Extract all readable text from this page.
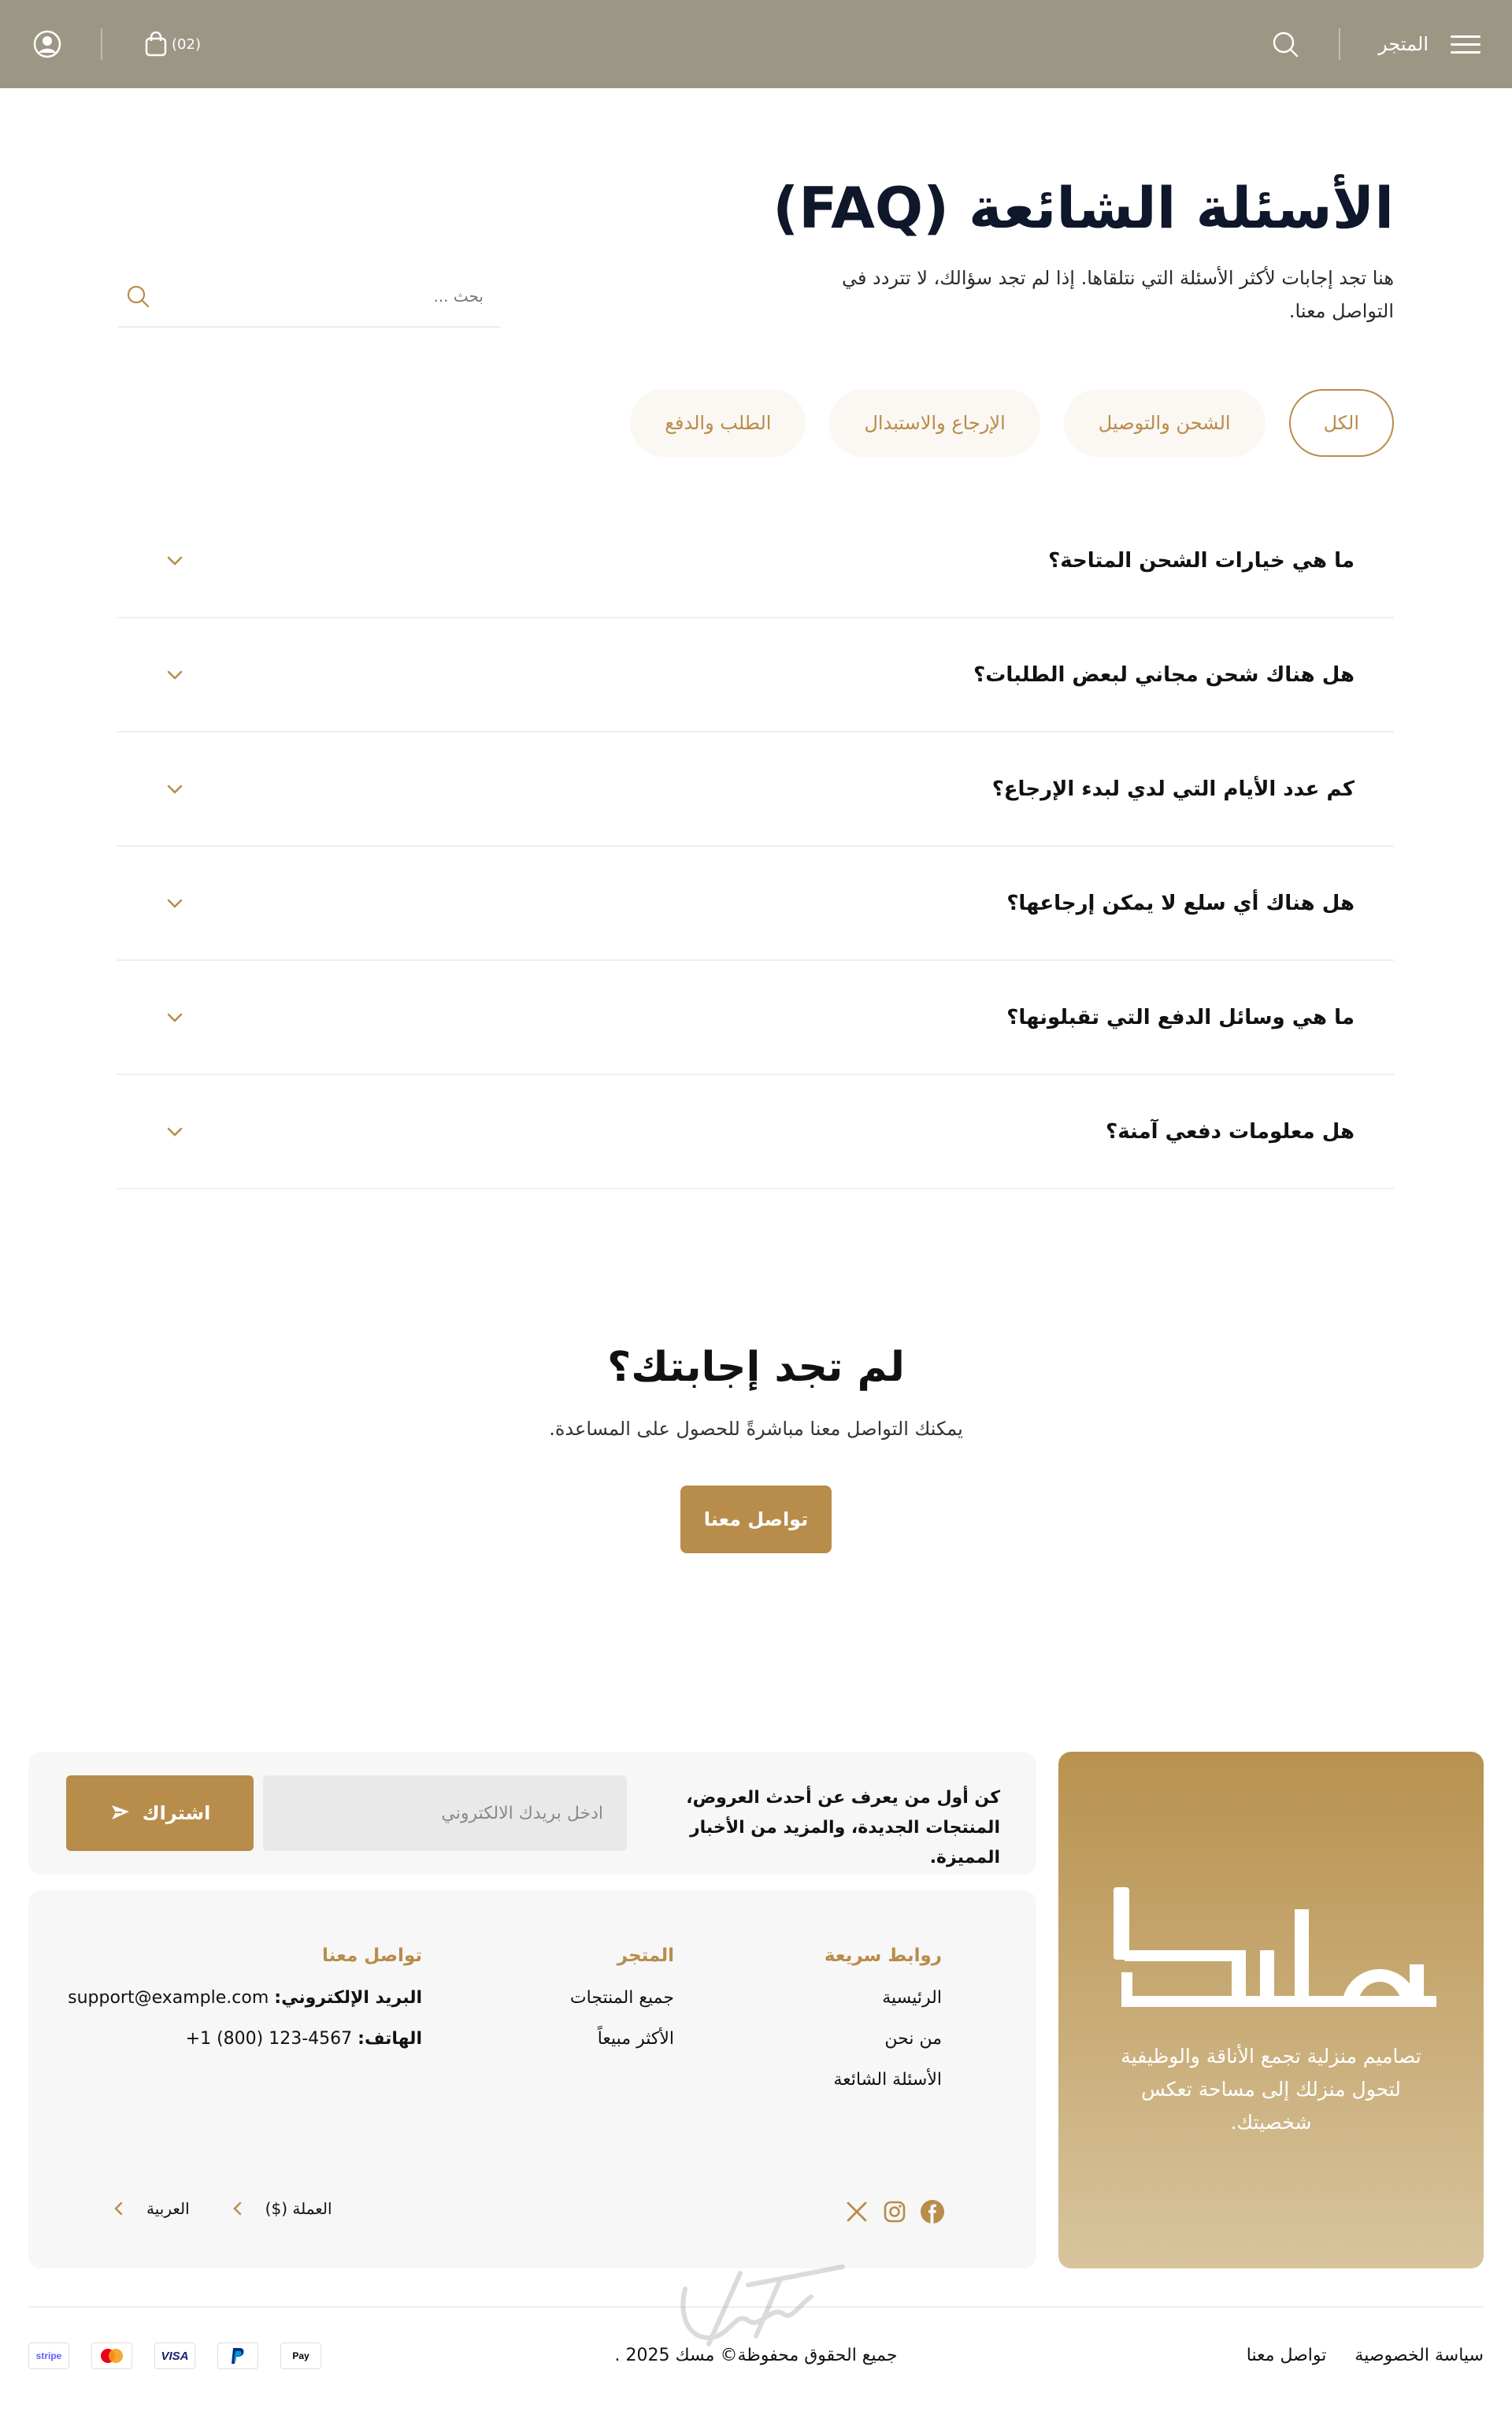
المتجر
(02)
الأسئلة الشائعة (FAQ)

هنا تجد إجابات لأكثر الأسئلة التي نتلقاها. إذا لم تجد سؤالك، لا تتردد في التواصل معنا.

بحث ...
الكل
الشحن والتوصيل
الإرجاع والاستبدال
الطلب والدفع
ما هي خيارات الشحن المتاحة؟
هل هناك شحن مجاني لبعض الطلبات؟
كم عدد الأيام التي لدي لبدء الإرجاع؟
هل هناك أي سلع لا يمكن إرجاعها؟
ما هي وسائل الدفع التي تقبلونها؟
هل معلومات دفعي آمنة؟
لم تجد إجابتك؟

يمكنك التواصل معنا مباشرةً للحصول على المساعدة.

تواصل معنا

تصاميم منزلية تجمع الأناقة والوظيفية لتحول منزلك إلى مساحة تعكس شخصيتك.

كن أول من يعرف عن أحدث العروض، المنتجات الجديدة، والمزيد من الأخبار المميزة.

ادخل بريدك الالكتروني
اشتراك
روابط سريعة
الرئيسية
من نحن
الأسئلة الشائعة
المتجر
جميع المنتجات
الأكثر مبيعاً
تواصل معنا
البريد الإلكتروني: support@example.com
الهاتف: +1 (800) 123-4567
العملة ($)
العربية
سياسة الخصوصية
تواصل معنا
جميع الحقوق محفوظة© مسك 2025 .
stripe	VISA	Pay
